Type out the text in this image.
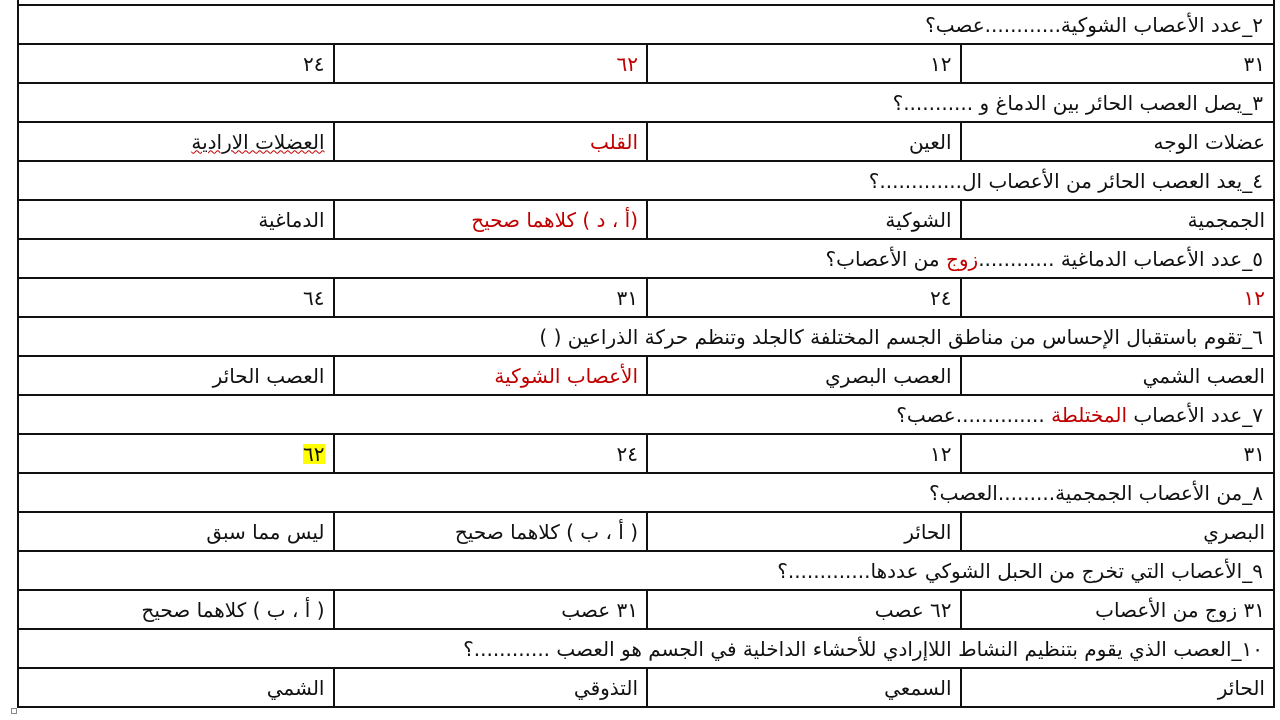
٢_عدد الأعصاب الشوكية............عصب؟
٣١
١٢
٦٢
٢٤
٣_يصل العصب الحائر بين الدماغ و ...........؟
عضلات الوجه
العين
القلب
العضلات الارادية
٤_يعد العصب الحائر من الأعصاب ال.............؟
الجمجمية
الشوكية
(أ ، د ) كلاهما صحيح
الدماغية
٥_عدد الأعصاب الدماغية ............زوج من الأعصاب؟
١٢
٢٤
٣١
٦٤
٦_تقوم باستقبال الإحساس من مناطق الجسم المختلفة كالجلد وتنظم حركة الذراعين ( )
العصب الشمي
العصب البصري
الأعصاب الشوكية
العصب الحائر
٧_عدد الأعصاب المختلطة ..............عصب؟
٣١
١٢
٢٤
٦٢
٨_من الأعصاب الجمجمية.........العصب؟
البصري
الحائر
( أ ، ب ) كلاهما صحيح
ليس مما سبق
٩_الأعصاب التي تخرج من الحبل الشوكي عددها.............؟
٣١ زوج من الأعصاب
٦٢ عصب
٣١ عصب
( أ ، ب ) كلاهما صحيح
١٠_العصب الذي يقوم بتنظيم النشاط اللاإرادي للأحشاء الداخلية في الجسم هو العصب ............؟
الحائر
السمعي
التذوقي
الشمي
